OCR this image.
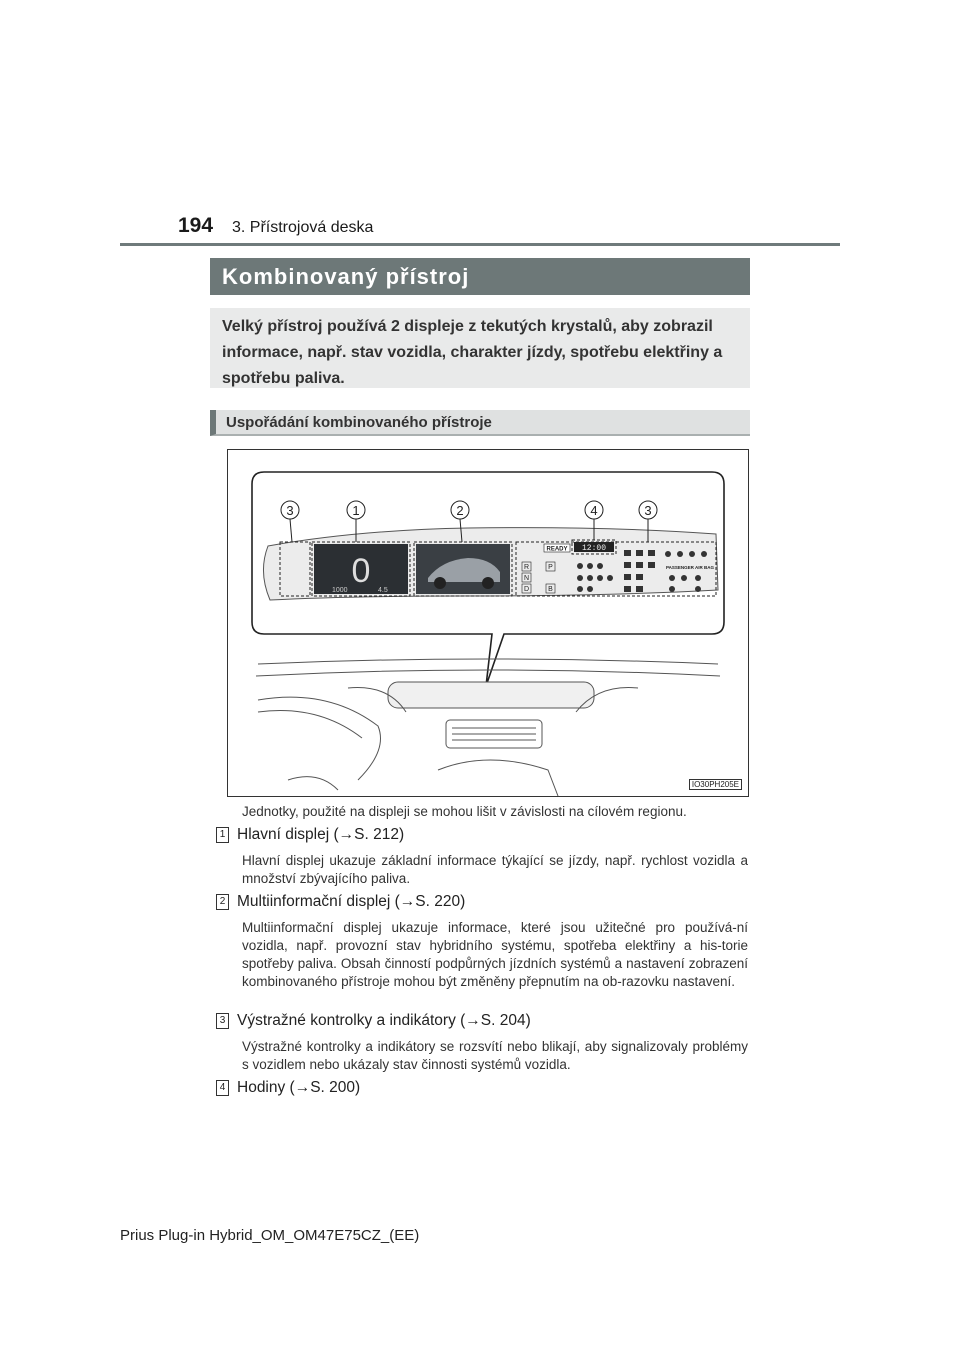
194 3. Přístrojová deska
Kombinovaný přístroj
Velký přístroj používá 2 displeje z tekutých krystalů, aby zobrazil informace, např. stav vozidla, charakter jízdy, spotřebu elektřiny a spotřebu paliva.
Uspořádání kombinovaného přístroje
0
1000	4.5
READY 12:00
R
N
D
P
B
PASSENGER AIR BAG
3	1	2	4	3
IO30PH205E
Jednotky, použité na displeji se mohou lišit v závislosti na cílovém regionu.
1 Hlavní displej (→S. 212)
Hlavní displej ukazuje základní informace týkající se jízdy, např. rychlost vozidla a množství zbývajícího paliva.
2 Multiinformační displej (→S. 220)
Multiinformační displej ukazuje informace, které jsou užitečné pro používá-ní vozidla, např. provozní stav hybridního systému, spotřeba elektřiny a his-torie spotřeby paliva. Obsah činností podpůrných jízdních systémů a nastavení zobrazení kombinovaného přístroje mohou být změněny přepnutím na ob-razovku nastavení.
3 Výstražné kontrolky a indikátory (→S. 204)
Výstražné kontrolky a indikátory se rozsvítí nebo blikají, aby signalizovaly problémy s vozidlem nebo ukázaly stav činnosti systémů vozidla.
4 Hodiny (→S. 200)
Prius Plug-in Hybrid_OM_OM47E75CZ_(EE)
